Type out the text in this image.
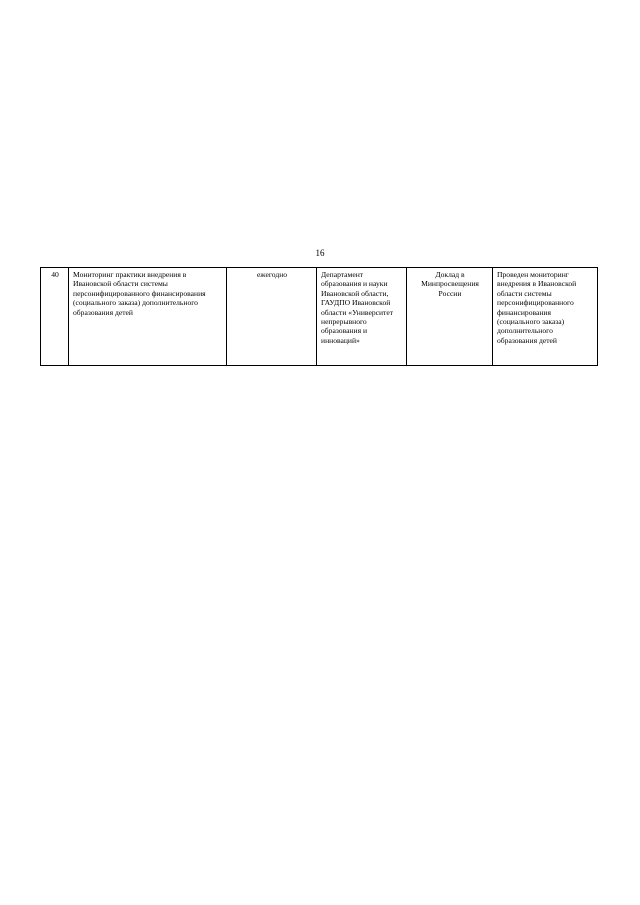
16
40	Мониторинг практики внедрения в Ивановской области системы персонифицированного финансирования (социального заказа) дополнительного образования детей	ежегодно	Департамент образования и науки Ивановской области, ГАУДПО Ивановской области «Университет непрерывного образования и инноваций»	Доклад в Минпросвещения России	Проведен мониторинг внедрения в Ивановской области системы персонифицированного финансирования (социального заказа) дополнительного образования детей
